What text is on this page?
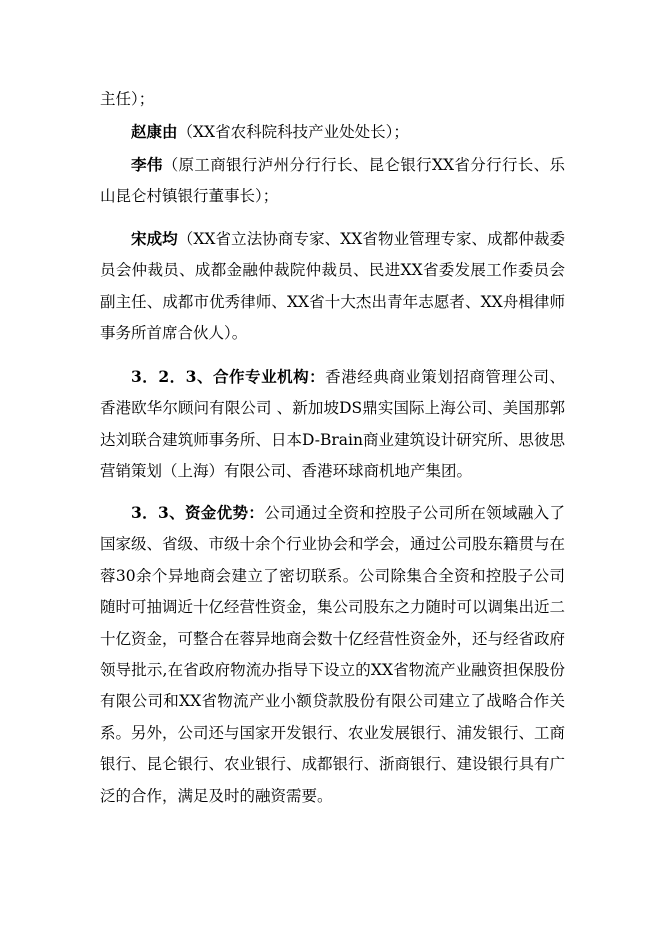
主任）；

赵康由（XX省农科院科技产业处处长）；

李伟（原工商银行泸州分行行长、昆仑银行XX省分行行长、乐山昆仑村镇银行董事长）；

宋成均（XX省立法协商专家、XX省物业管理专家、成都仲裁委员会仲裁员、成都金融仲裁院仲裁员、民进XX省委发展工作委员会副主任、成都市优秀律师、XX省十大杰出青年志愿者、XX舟楫律师事务所首席合伙人）。

3．2．3、合作专业机构：香港经典商业策划招商管理公司、香港欧华尔顾问有限公司 、新加坡DS鼎实国际上海公司、美国那郭达刘联合建筑师事务所、日本D-Brain商业建筑设计研究所、思彼思营销策划（上海）有限公司、香港环球商机地产集团。

3．3、资金优势：公司通过全资和控股子公司所在领域融入了国家级、省级、市级十余个行业协会和学会，通过公司股东籍贯与在蓉30余个异地商会建立了密切联系。公司除集合全资和控股子公司随时可抽调近十亿经营性资金，集公司股东之力随时可以调集出近二十亿资金，可整合在蓉异地商会数十亿经营性资金外，还与经省政府领导批示,在省政府物流办指导下设立的XX省物流产业融资担保股份有限公司和XX省物流产业小额贷款股份有限公司建立了战略合作关系。另外，公司还与国家开发银行、农业发展银行、浦发银行、工商银行、昆仑银行、农业银行、成都银行、浙商银行、建设银行具有广泛的合作，满足及时的融资需要。
